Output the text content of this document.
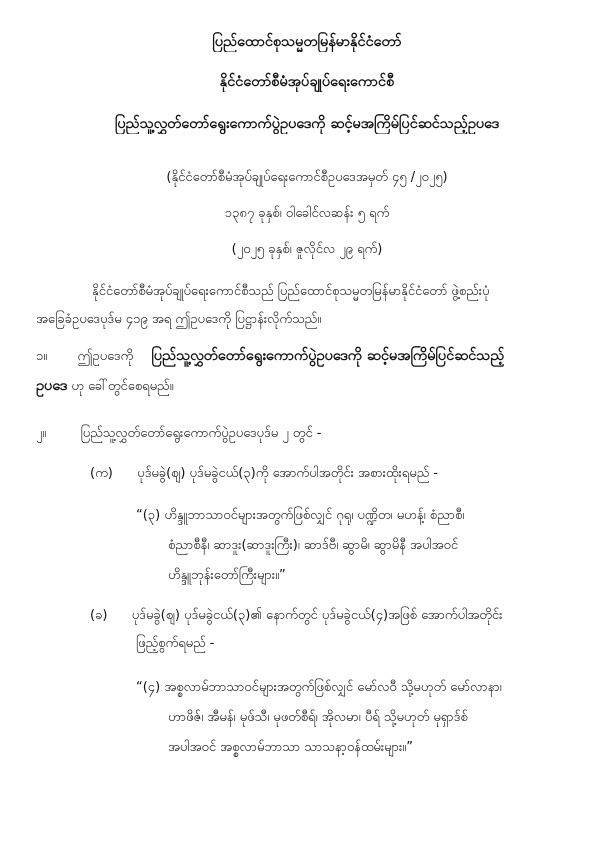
ပြည်ထောင်စုသမ္မတမြန်မာနိုင်ငံတော်
နိုင်ငံတော်စီမံအုပ်ချုပ်ရေးကောင်စီ
ပြည်သူ့လွှတ်တော်ရွေးကောက်ပွဲဥပဒေကို ဆင့်မအကြိမ်ပြင်ဆင်သည့်ဥပဒေ
(နိုင်ငံတော်စီမံအုပ်ချုပ်ရေးကောင်စီဥပဒေအမှတ် ၄၅ /၂၀၂၅)
၁၃၈၇ ခုနှစ်၊ ဝါခေါင်လဆန်း ၅ ရက်
(၂၀၂၅ ခုနှစ်၊ ဇူလိုင်လ ၂၉ ရက်)
နိုင်ငံတော်စီမံအုပ်ချုပ်ရေးကောင်စီသည် ပြည်ထောင်စုသမ္မတမြန်မာနိုင်ငံတော် ဖွဲ့စည်းပုံ
အခြေခံဥပဒေပုဒ်မ ၄၁၉ အရ ဤဥပဒေကို ပြဋ္ဌာန်းလိုက်သည်။
၁။ ဤဥပဒေကို ပြည်သူ့လွှတ်တော်ရွေးကောက်ပွဲဥပဒေကို ဆင့်မအကြိမ်ပြင်ဆင်သည့်
ဥပဒေ ဟု ခေါ်တွင်စေရမည်။
၂။	ပြည်သူ့လွှတ်တော်ရွေးကောက်ပွဲဥပဒေပုဒ်မ ၂ တွင် -
(က) ပုဒ်မခွဲ(ဈ) ပုဒ်မခွဲငယ်(၃)ကို အောက်ပါအတိုင်း အစားထိုးရမည် -
“(၃) ဟိန္ဒူဘာသာဝင်များအတွက်ဖြစ်လျှင် ဂုရု၊ ပဏ္ဍိတ၊ မဟန့်၊ စံညာစီ၊
စံညာစီနီ၊ ဆာဒူး(ဆာဒူးကြီး)၊ ဆာဒ်ဗီ၊ ဆွာမိ၊ ဆွာမိနီ အပါအဝင်
ဟိန္ဒူဘုန်းတော်ကြီးများ။”
(ခ) ပုဒ်မခွဲ(ဈ) ပုဒ်မခွဲငယ်(၃)၏ နောက်တွင် ပုဒ်မခွဲငယ်(၄)အဖြစ် အောက်ပါအတိုင်း
ဖြည့်စွက်ရမည် -
“(၄) အစ္စလာမ်ဘာသာဝင်များအတွက်ဖြစ်လျှင် မော်လဝီ သို့မဟုတ် မော်လာနာ၊
ဟာဖိဇ်၊ အီမန်၊ မုဖ်သီ၊ မုဖတ်စီရ်၊ အိုလမာ၊ ပီရ် သို့မဟုတ် မုရှာဒ်စ်
အပါအဝင် အစ္စလာမ်ဘာသာ သာသနာ့ဝန်ထမ်းများ။”
